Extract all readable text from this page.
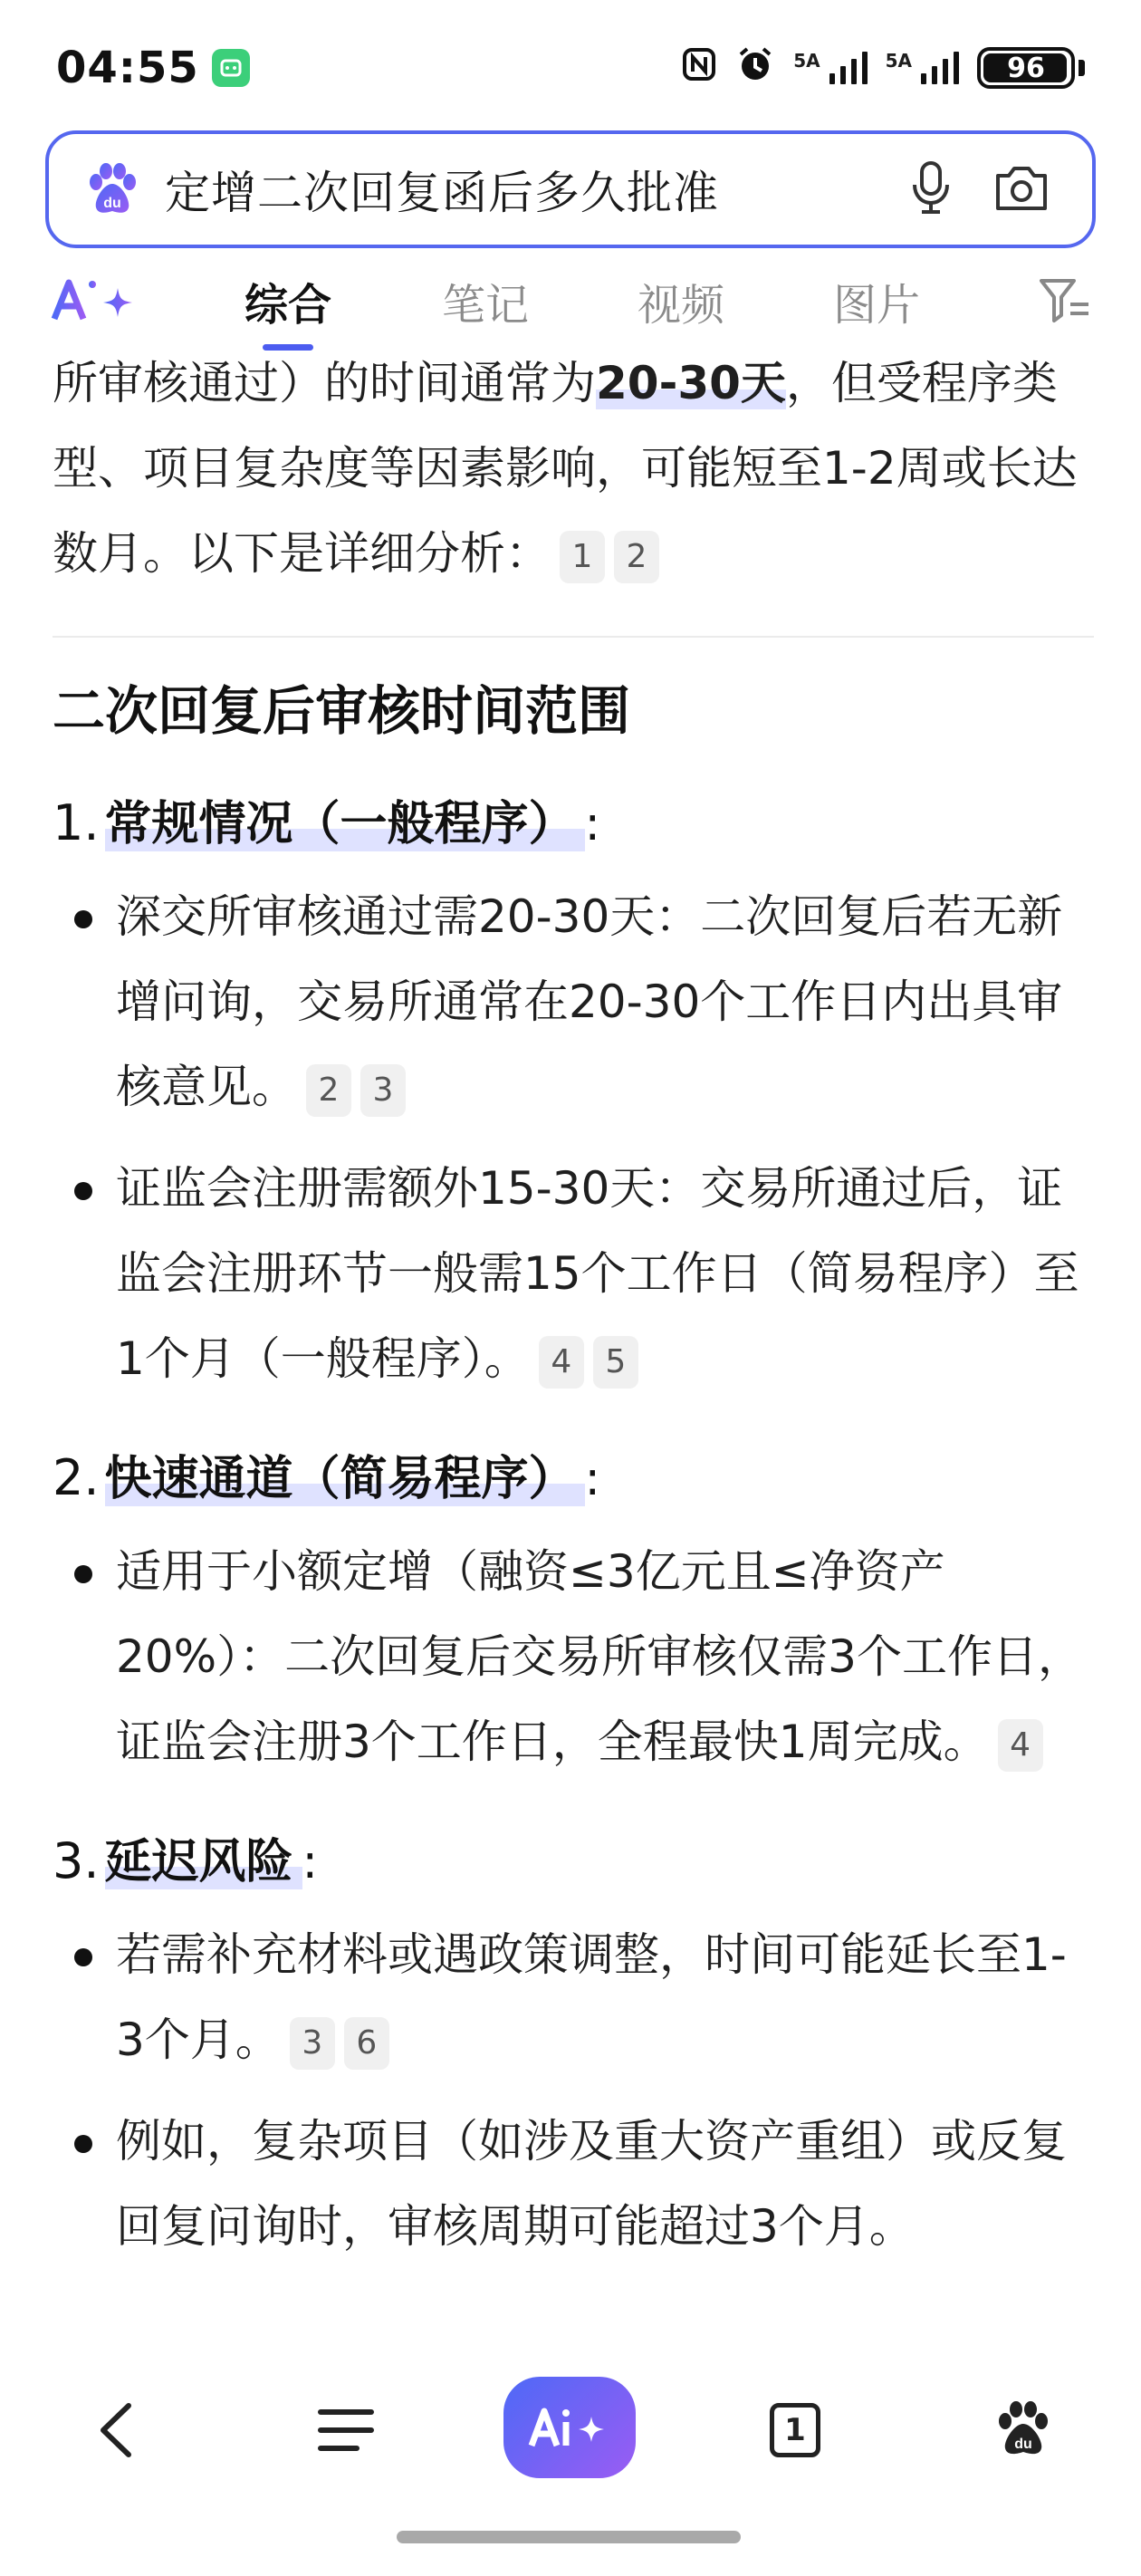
04:55	5A	5A	96
du 定增二次回复函后多久批准
综合	笔记 视频 图片

所审核通过）的时间通常为20-30天，但受程序类型、项目复杂度等因素影响，可能短至1-2周或长达数月。以下是详细分析： 1 2

二次回复后审核时间范围
1. 常规情况（一般程序） :
深交所审核通过需20-30天：二次回复后若无新增问询，交易所通常在20-30个工作日内出具审核意见。 2 3
证监会注册需额外15-30天：交易所通过后，证监会注册环节一般需15个工作日（简易程序）至1个月（一般程序）。 4 5
2. 快速通道（简易程序） :
适用于小额定增（融资≤3亿元且≤净资产20%）：二次回复后交易所审核仅需3个工作日，证监会注册3个工作日，全程最快1周完成。 4
3. 延迟风险 :
若需补充材料或遇政策调整，时间可能延长至1-3个月。 3 6
例如，复杂项目（如涉及重大资产重组）或反复回复问询时，审核周期可能超过3个月。
1	du
